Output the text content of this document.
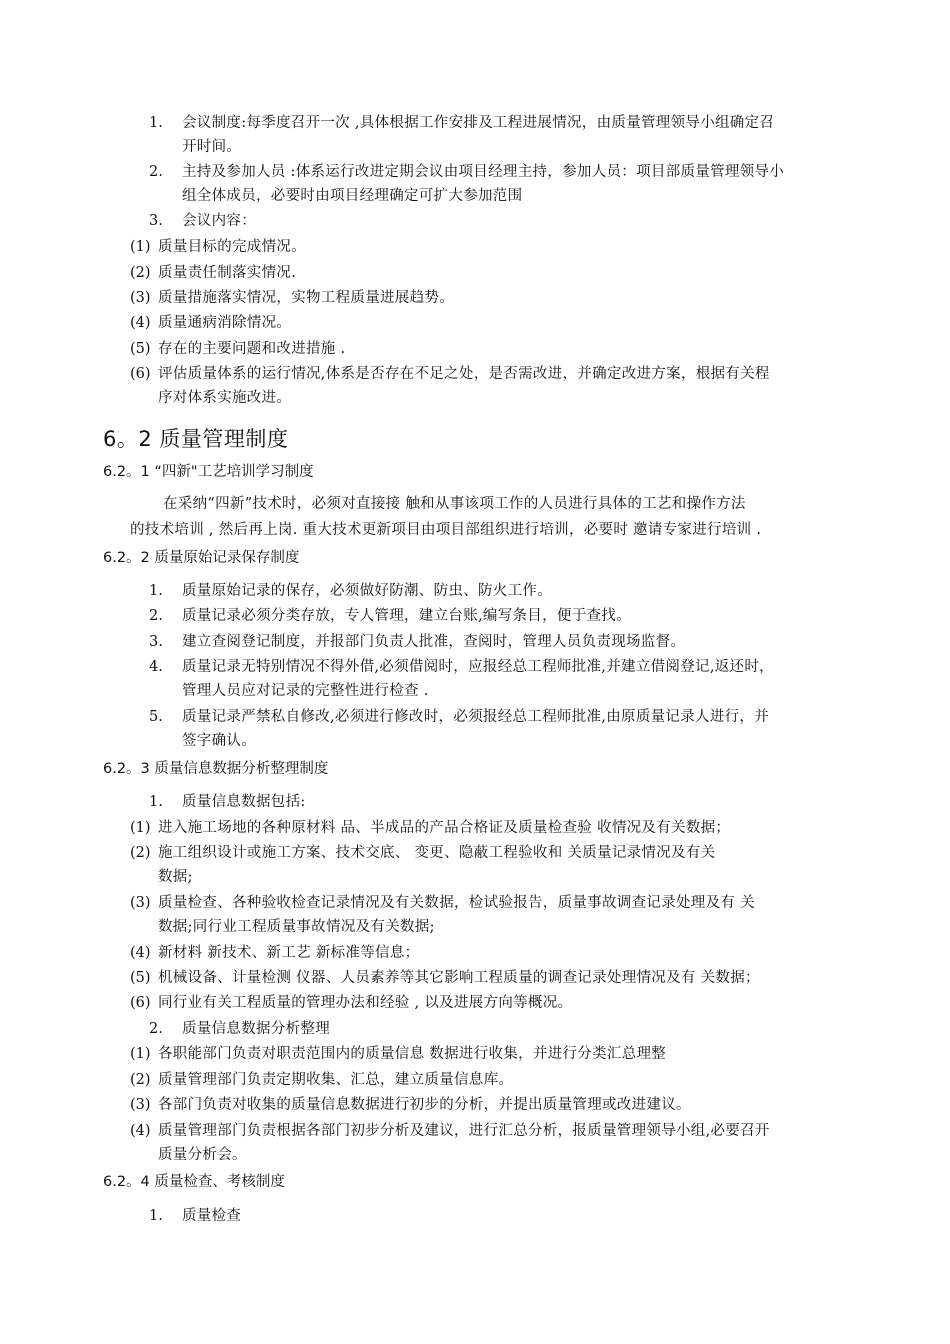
1. 会议制度:每季度召开一次 ,具体根据工作安排及工程进展情况，由质量管理领导小组确定召
开时间。
2. 主持及参加人员 :体系运行改进定期会议由项目经理主持，参加人员：项目部质量管理领导小
组全体成员，必要时由项目经理确定可扩大参加范围
3. 会议内容：
(1) 质量目标的完成情况。
(2) 质量责任制落实情况.
(3) 质量措施落实情况，实物工程质量进展趋势。
(4) 质量通病消除情况。
(5) 存在的主要问题和改进措施 .
(6) 评估质量体系的运行情况,体系是否存在不足之处，是否需改进，并确定改进方案，根据有关程
序对体系实施改进。
6。2 质量管理制度
6.2。1 “四新"工艺培训学习制度
在采纳“四新”技术时，必须对直接接 触和从事该项工作的人员进行具体的工艺和操作方法
的技术培训 , 然后再上岗. 重大技术更新项目由项目部组织进行培训，必要时 邀请专家进行培训 .
6.2。2 质量原始记录保存制度
1. 质量原始记录的保存，必须做好防潮、防虫、防火工作。
2. 质量记录必须分类存放，专人管理，建立台账,编写条目，便于查找。
3. 建立查阅登记制度，并报部门负责人批准，查阅时，管理人员负责现场监督。
4. 质量记录无特别情况不得外借,必须借阅时，应报经总工程师批准,并建立借阅登记,返还时，
管理人员应对记录的完整性进行检查 .
5. 质量记录严禁私自修改,必须进行修改时，必须报经总工程师批准,由原质量记录人进行，并
签字确认。
6.2。3 质量信息数据分析整理制度
1. 质量信息数据包括:
(1) 进入施工场地的各种原材料 品、半成品的产品合格证及质量检查验 收情况及有关数据；
(2) 施工组织设计或施工方案、技术交底、 变更、隐蔽工程验收和 关质量记录情况及有关
数据;
(3) 质量检查、各种验收检查记录情况及有关数据，检试验报告，质量事故调查记录处理及有 关
数据;同行业工程质量事故情况及有关数据;
(4) 新材料 新技术、新工艺 新标准等信息；
(5) 机械设备、计量检测 仪器、人员素养等其它影响工程质量的调查记录处理情况及有 关数据；
(6) 同行业有关工程质量的管理办法和经验 , 以及进展方向等概况。
2. 质量信息数据分析整理
(1) 各职能部门负责对职责范围内的质量信息 数据进行收集，并进行分类汇总理整
(2) 质量管理部门负责定期收集、汇总，建立质量信息库。
(3) 各部门负责对收集的质量信息数据进行初步的分析，并提出质量管理或改进建议。
(4) 质量管理部门负责根据各部门初步分析及建议，进行汇总分析，报质量管理领导小组,必要召开
质量分析会。
6.2。4 质量检查、考核制度
1. 质量检查
